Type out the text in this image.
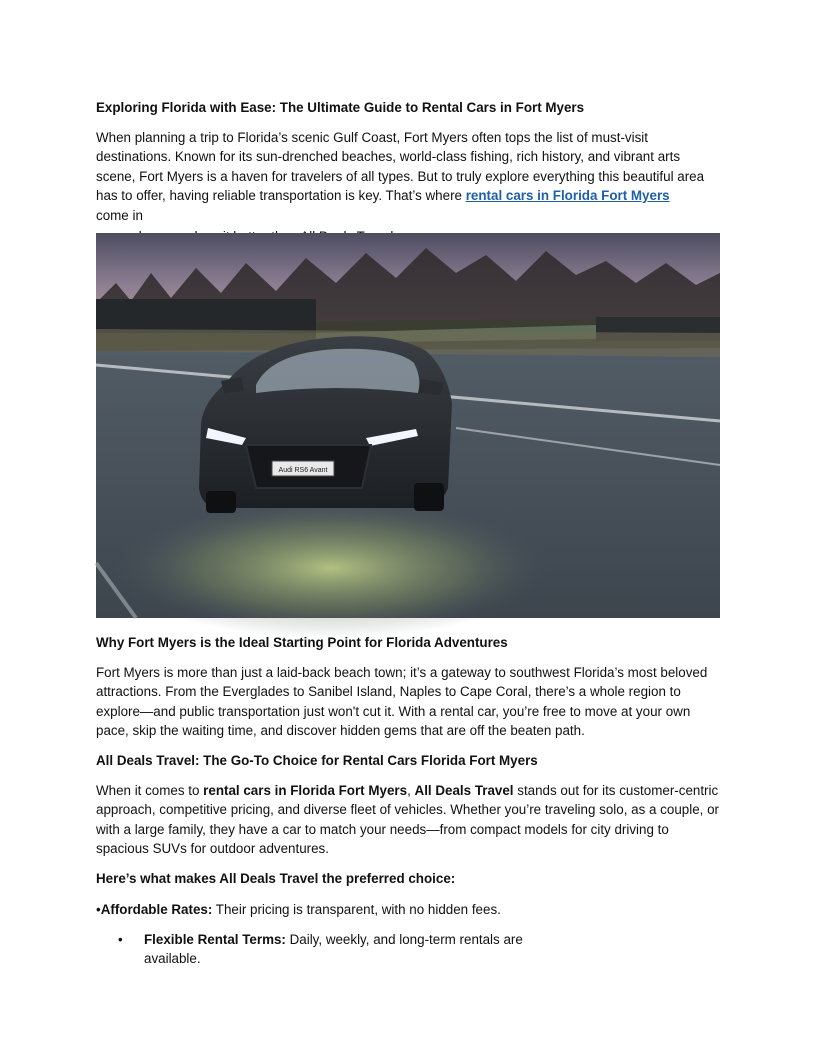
Exploring Florida with Ease: The Ultimate Guide to Rental Cars in Fort Myers

When planning a trip to Florida’s scenic Gulf Coast, Fort Myers often tops the list of must-visit destinations. Known for its sun-drenched beaches, world-class fishing, rich history, and vibrant arts scene, Fort Myers is a haven for travelers of all types. But to truly explore everything this beautiful area has to offer, having reliable transportation is key. That’s where rental cars in Florida Fort Myers
come in

Audi RS6 Avant
Why Fort Myers is the Ideal Starting Point for Florida Adventures

Fort Myers is more than just a laid-back beach town; it’s a gateway to southwest Florida’s most beloved attractions. From the Everglades to Sanibel Island, Naples to Cape Coral, there’s a whole region to explore—and public transportation just won't cut it. With a rental car, you’re free to move at your own pace, skip the waiting time, and discover hidden gems that are off the beaten path.

All Deals Travel: The Go-To Choice for Rental Cars Florida Fort Myers

When it comes to rental cars in Florida Fort Myers, All Deals Travel stands out for its customer-centric approach, competitive pricing, and diverse fleet of vehicles. Whether you’re traveling solo, as a couple, or with a large family, they have a car to match your needs—from compact models for city driving to spacious SUVs for outdoor adventures.

Here’s what makes All Deals Travel the preferred choice:
•Affordable Rates: Their pricing is transparent, with no hidden fees.
• Flexible Rental Terms: Daily, weekly, and long-term rentals are available.
